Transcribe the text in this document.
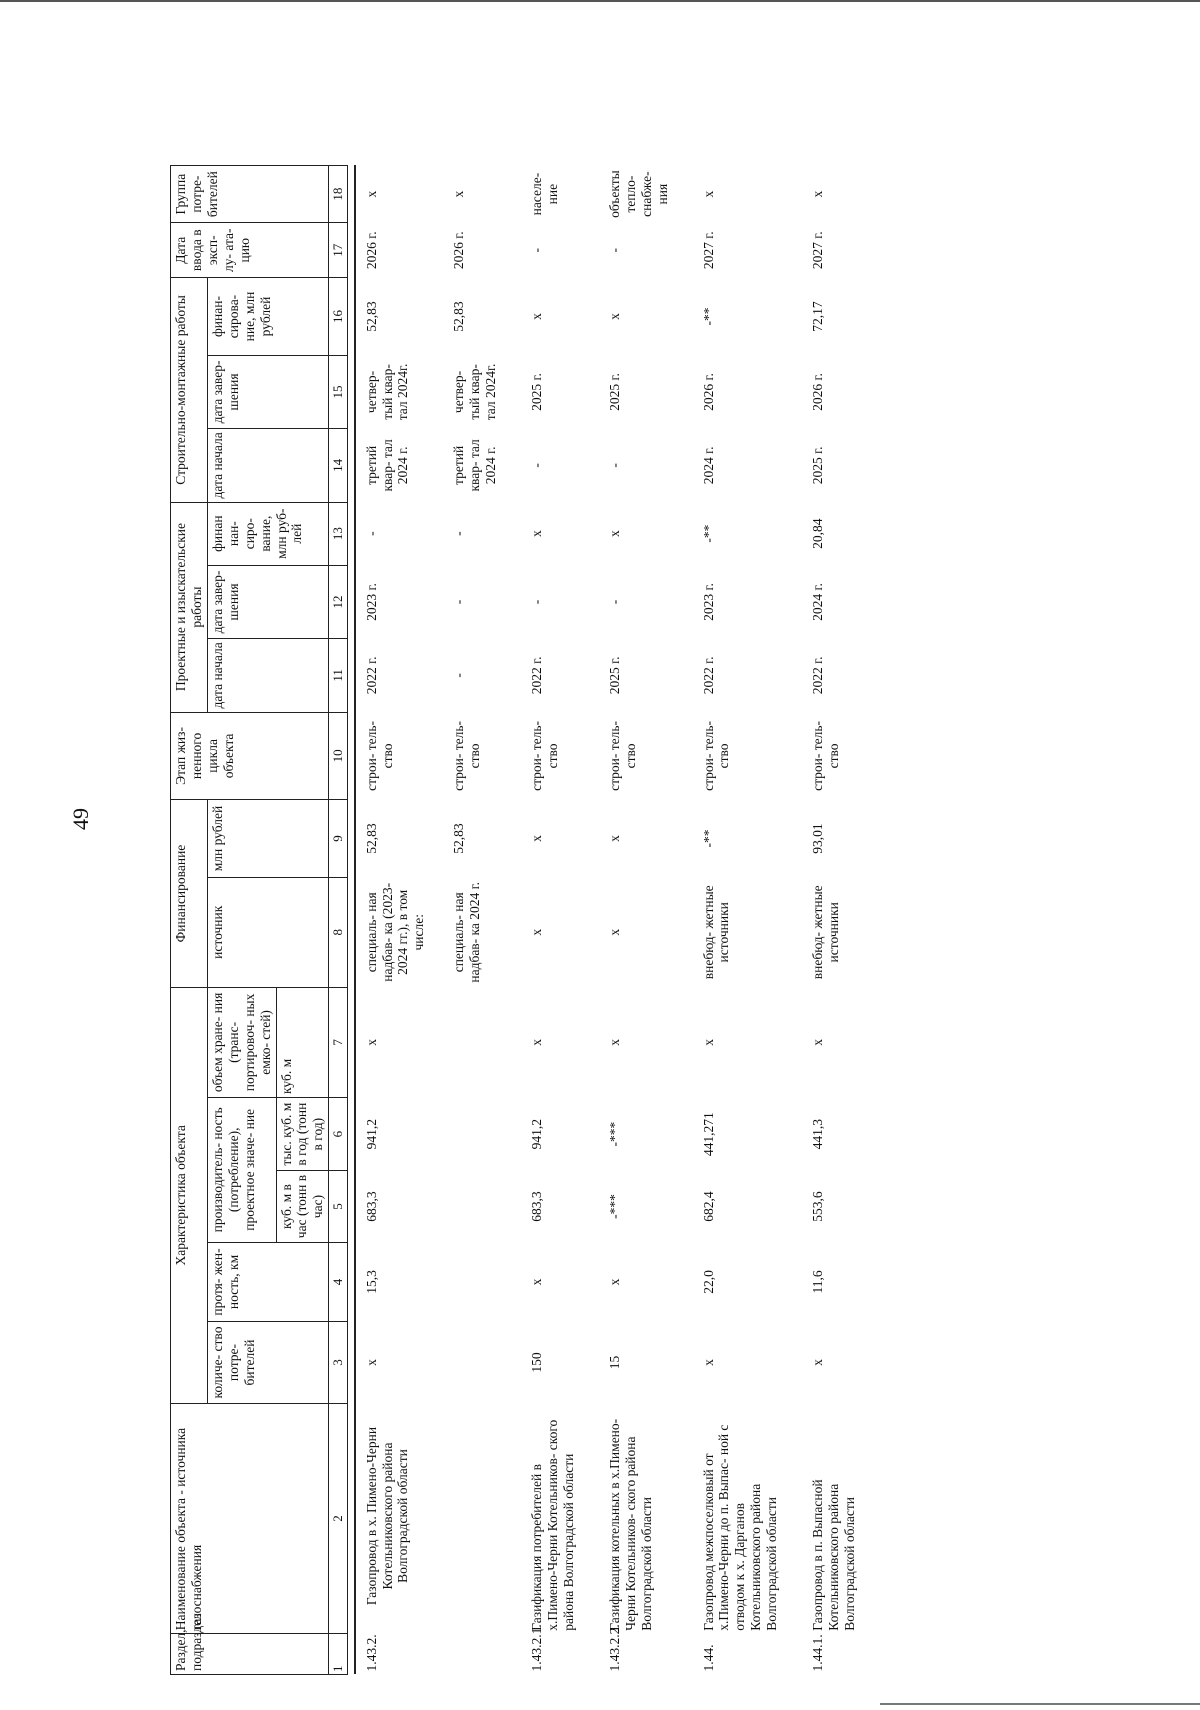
49
Раздел, подраздел	Наименование объекта - источника газоснабжения	Характеристика объекта					Финансирование		Этап жиз- ненного цикла объекта	Проектные и изыскательские работы			Строительно-монтажные работы			Дата ввода в эксп- лу- ата- цию	Группа потре- бителей
		количе- ство потре- бителей	протя- жен- ность, км	производитель- ность (потребление), проектное значе- ние		объем хране- ния (транс- портировоч- ных емко- стей)	источник	млн рублей		дата начала	дата завер- шения	финан нан- сиро- вание, млн руб- лей	дата начала	дата завер- шения	финан- сирова- ние, млн рублей		
				куб. м в час (тонн в час)	тыс. куб. м в год (тонн в год)	куб. м											
1	2	3	4	5	6	7	8	9	10	11	12	13	14	15	16	17	18

1.43.2.	Газопровод в х. Пимено-Черни Котельниковского района Волгоградской области	х	15,3	683,3	941,2	х	специаль- ная надбав- ка (2023- 2024 гг.), в том числе:	52,83	строи- тель- ство	2022 г.	2023 г.	-	третий квар- тал 2024 г.	четвер- тый квар- тал 2024г.	52,83	2026 г.	х
							специаль- ная надбав- ка 2024 г.	52,83	строи- тель- ство	-	-	-	третий квар- тал 2024 г.	четвер- тый квар- тал 2024г.	52,83	2026 г.	х
1.43.2.1.	Газификация потребителей в х.Пимено-Черни Котельников- ского района Волгоградской области	150	х	683,3	941,2	х	х	х	строи- тель- ство	2022 г.	-	х	-	2025 г.	х	-	населе- ние
1.43.2.2.	Газификация котельных в х.Пимено-Черни Котельников- ского района Волгоградской области	15	х	-***	-***	х	х	х	строи- тель- ство	2025 г.	-	х	-	2025 г.	х	-	объекты тепло- снабже- ния
1.44.	Газопровод межпоселковый от х.Пимено-Черни до п. Выпас- ной с отводом к х. Дарганов Котельниковского района Волгоградской области	х	22,0	682,4	441,271	х	внебюд- жетные источники	-**	строи- тель- ство	2022 г.	2023 г.	-**	2024 г.	2026 г.	-**	2027 г.	х
1.44.1.	Газопровод в п. Выпасной Котельниковского района Волгоградской области	х	11,6	553,6	441,3	х	внебюд- жетные источники	93,01	строи- тель- ство	2022 г.	2024 г.	20,84	2025 г.	2026 г.	72,17	2027 г.	х
